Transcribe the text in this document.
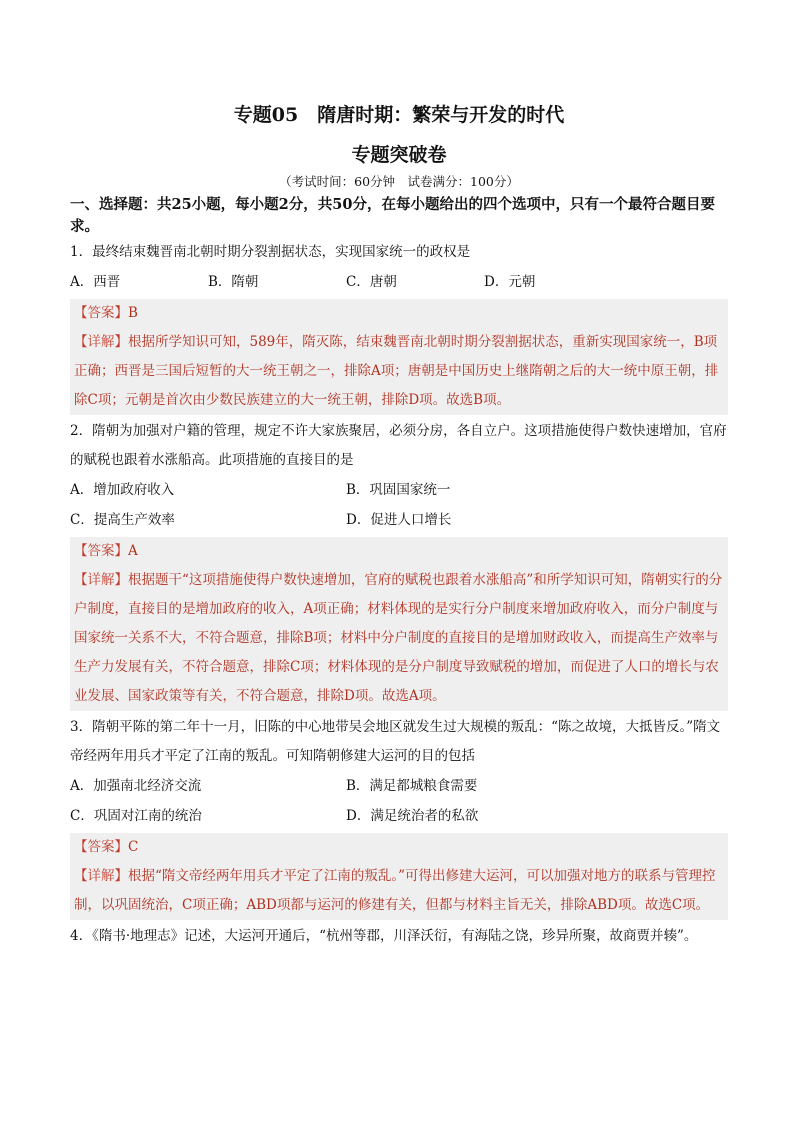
专题05　隋唐时期：繁荣与开发的时代
专题突破卷
（考试时间：60分钟　试卷满分：100分）
一、选择题：共25小题，每小题2分，共50分，在每小题给出的四个选项中，只有一个最符合题目要求。
1．最终结束魏晋南北朝时期分裂割据状态，实现国家统一的政权是
A．西晋	B．隋朝	C．唐朝	D．元朝
【答案】B
【详解】根据所学知识可知，589年，隋灭陈，结束魏晋南北朝时期分裂割据状态，重新实现国家统一，B项正确；西晋是三国后短暂的大一统王朝之一，排除A项；唐朝是中国历史上继隋朝之后的大一统中原王朝，排除C项；元朝是首次由少数民族建立的大一统王朝，排除D项。故选B项。
2．隋朝为加强对户籍的管理，规定不许大家族聚居，必须分房，各自立户。这项措施使得户数快速增加，官府的赋税也跟着水涨船高。此项措施的直接目的是
A．增加政府收入	B．巩固国家统一
C．提高生产效率	D．促进人口增长
【答案】A
【详解】根据题干“这项措施使得户数快速增加，官府的赋税也跟着水涨船高”和所学知识可知，隋朝实行的分户制度，直接目的是增加政府的收入，A项正确；材料体现的是实行分户制度来增加政府收入，而分户制度与国家统一关系不大，不符合题意，排除B项；材料中分户制度的直接目的是增加财政收入，而提高生产效率与生产力发展有关，不符合题意，排除C项；材料体现的是分户制度导致赋税的增加，而促进了人口的增长与农业发展、国家政策等有关，不符合题意，排除D项。故选A项。
3．隋朝平陈的第二年十一月，旧陈的中心地带吴会地区就发生过大规模的叛乱：“陈之故境，大抵皆反。”隋文帝经两年用兵才平定了江南的叛乱。可知隋朝修建大运河的目的包括
A．加强南北经济交流	B．满足都城粮食需要
C．巩固对江南的统治	D．满足统治者的私欲
【答案】C
【详解】根据“隋文帝经两年用兵才平定了江南的叛乱。”可得出修建大运河，可以加强对地方的联系与管理控制，以巩固统治，C项正确；ABD项都与运河的修建有关，但都与材料主旨无关，排除ABD项。故选C项。
4．《隋书·地理志》记述，大运河开通后，“杭州等郡，川泽沃衍，有海陆之饶，珍异所聚，故商贾并辏”。
